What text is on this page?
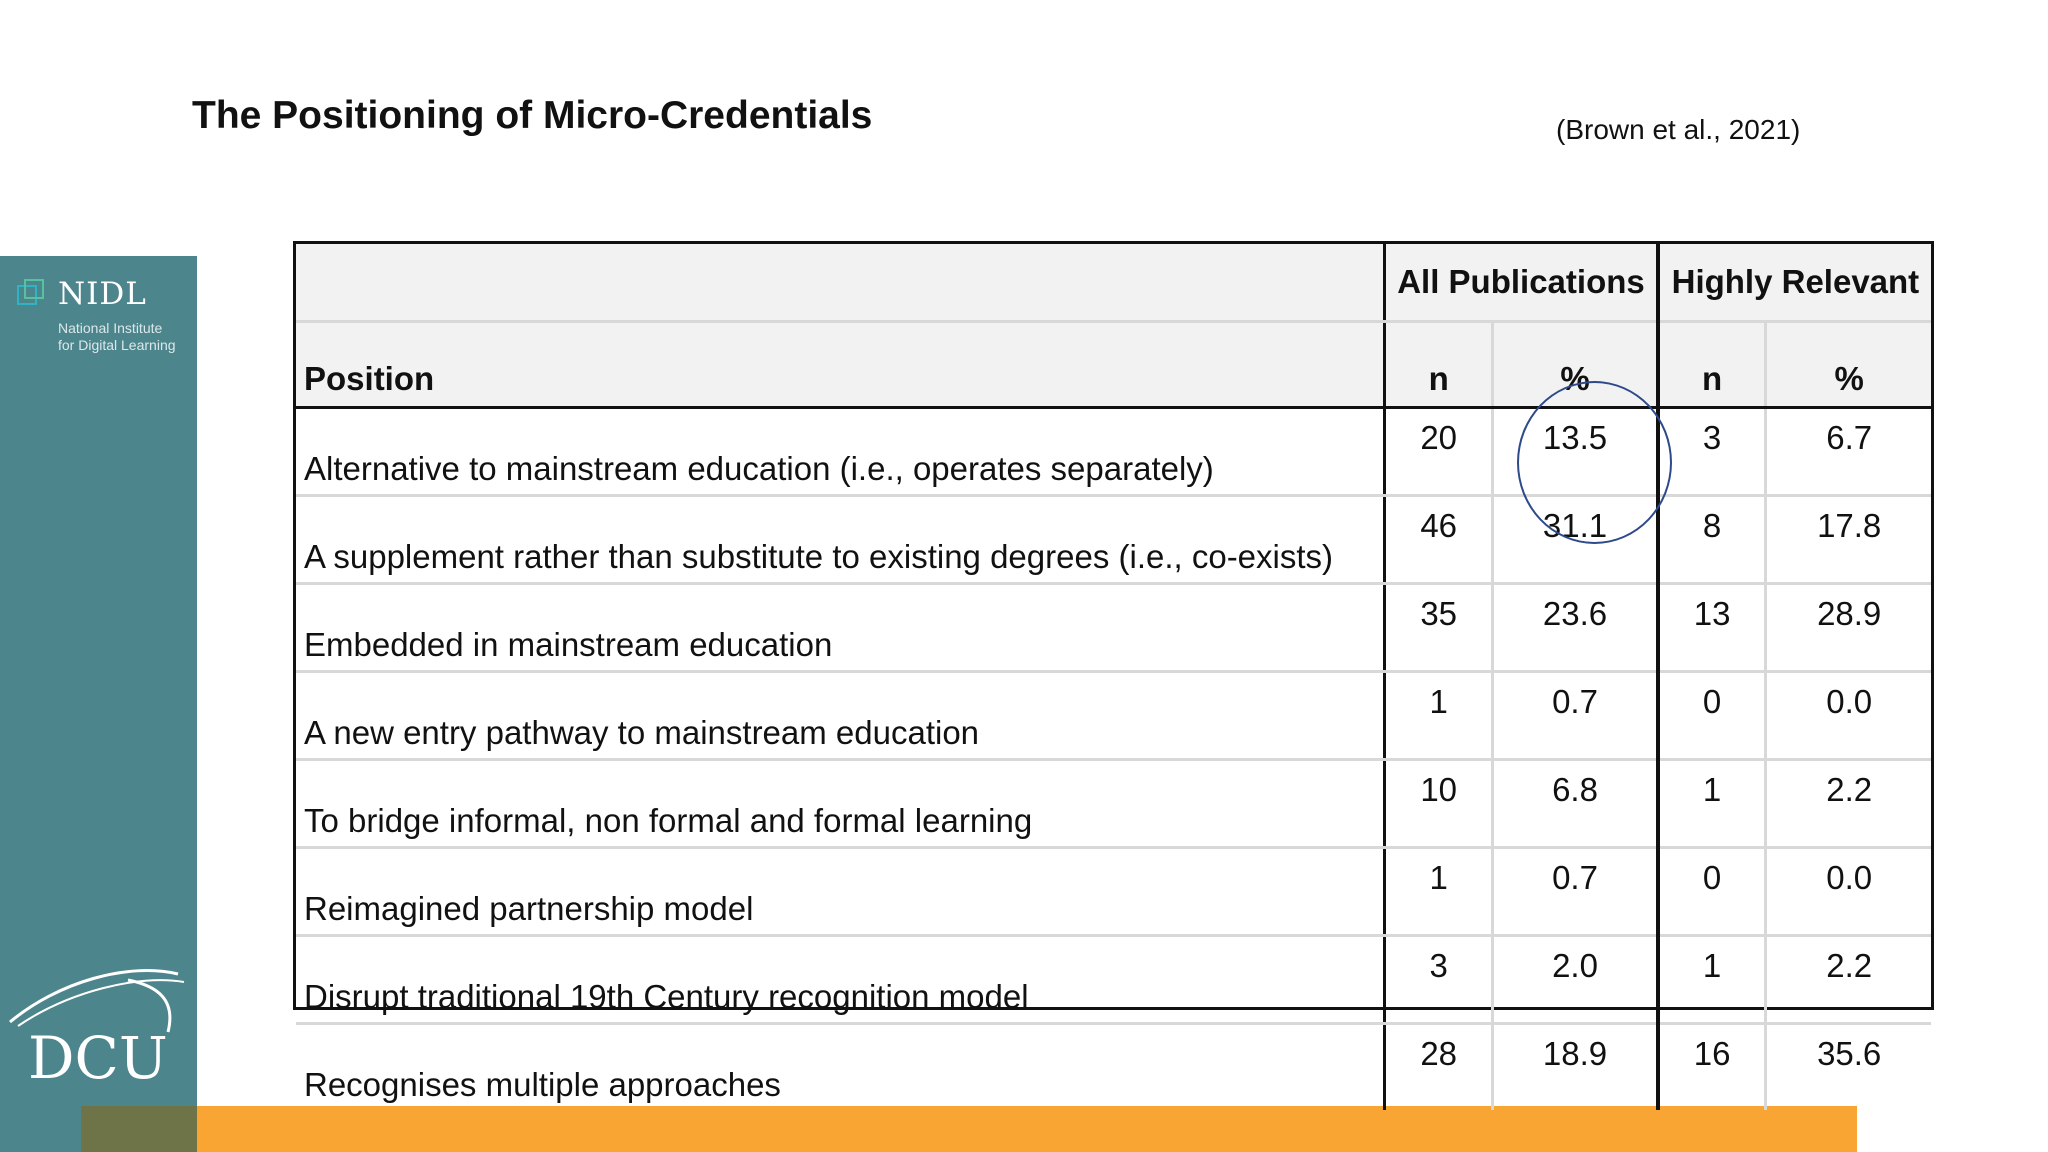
NIDL
National Institute
for Digital Learning
DCU
The Positioning of Micro-Credentials	(Brown et al., 2021)
	All Publications		Highly Relevant	
Position	n	%	n	%
Alternative to mainstream education (i.e., operates separately)	20	13.5	3	6.7
A supplement rather than substitute to existing degrees (i.e., co-exists)	46	31.1	8	17.8
Embedded in mainstream education	35	23.6	13	28.9
A new entry pathway to mainstream education	1	0.7	0	0.0
To bridge informal, non formal and formal learning	10	6.8	1	2.2
Reimagined partnership model	1	0.7	0	0.0
Disrupt traditional 19th Century recognition model	3	2.0	1	2.2
Recognises multiple approaches	28	18.9	16	35.6
